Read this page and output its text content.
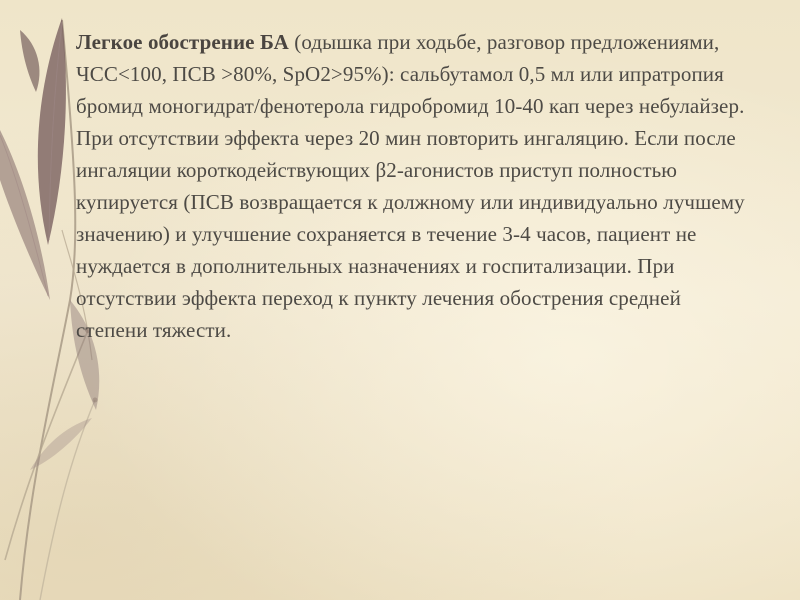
Легкое обострение БА (одышка при ходьбе, разговор предложениями, ЧСС<100, ПСВ >80%, SpO2>95%): сальбутамол 0,5 мл или ипратропия бромид моногидрат/фенотерола гидробромид 10-40 кап через небулайзер. При отсутствии эффекта через 20 мин повторить ингаляцию. Если после ингаляции короткодействующих β2-агонистов приступ полностью купируется (ПСВ возвращается к должному или индивидуально лучшему значению) и улучшение сохраняется в течение 3-4 часов, пациент не нуждается в дополнительных назначениях и госпитализации. При отсутствии эффекта переход к пункту лечения обострения средней степени тяжести.
